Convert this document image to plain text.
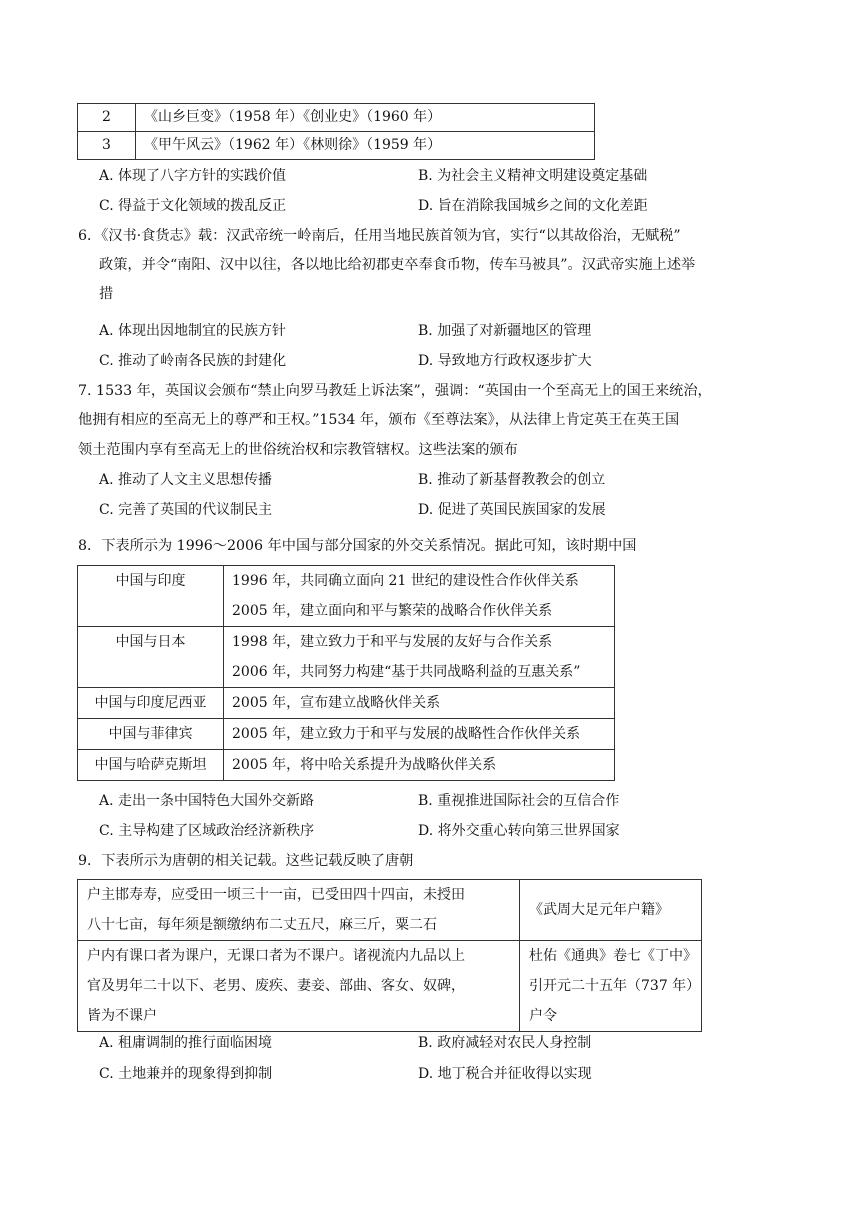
2	《山乡巨变》（1958 年）《创业史》（1960 年）
3	《甲午风云》（1962 年）《林则徐》（1959 年）
A. 体现了八字方针的实践价值	B. 为社会主义精神文明建设奠定基础
C. 得益于文化领域的拨乱反正	D. 旨在消除我国城乡之间的文化差距
6．《汉书·食货志》载：汉武帝统一岭南后，任用当地民族首领为官，实行“以其故俗治，无赋税”
政策，并令“南阳、汉中以往，各以地比给初郡吏卒奉食币物，传车马被具”。汉武帝实施上述举
措
A. 体现出因地制宜的民族方针	B. 加强了对新疆地区的管理
C. 推动了岭南各民族的封建化	D. 导致地方行政权逐步扩大
7. 1533 年，英国议会颁布“禁止向罗马教廷上诉法案”，强调：“英国由一个至高无上的国王来统治，
他拥有相应的至高无上的尊严和王权。”1534 年，颁布《至尊法案》，从法律上肯定英王在英王国
领土范围内享有至高无上的世俗统治权和宗教管辖权。这些法案的颁布
A. 推动了人文主义思想传播	B. 推动了新基督教教会的创立
C. 完善了英国的代议制民主	D. 促进了英国民族国家的发展
8．下表所示为 1996～2006 年中国与部分国家的外交关系情况。据此可知，该时期中国
中国与印度	1996 年，共同确立面向 21 世纪的建设性合作伙伴关系
2005 年，建立面向和平与繁荣的战略合作伙伴关系

中国与日本	1998 年，建立致力于和平与发展的友好与合作关系
2006 年，共同努力构建“基于共同战略利益的互惠关系”

中国与印度尼西亚	2005 年，宣布建立战略伙伴关系

中国与菲律宾	2005 年，建立致力于和平与发展的战略性合作伙伴关系

中国与哈萨克斯坦	2005 年，将中哈关系提升为战略伙伴关系
A. 走出一条中国特色大国外交新路	B. 重视推进国际社会的互信合作
C. 主导构建了区域政治经济新秩序	D. 将外交重心转向第三世界国家
9．下表所示为唐朝的相关记载。这些记载反映了唐朝
户主邯寿寿，应受田一顷三十一亩，已受田四十四亩，未授田
八十七亩，每年须是额缴纳布二丈五尺，麻三斤，粟二石	《武周大足元年户籍》

户内有课口者为课户，无课口者为不课户。诸视流内九品以上
官及男年二十以下、老男、废疾、妻妾、部曲、客女、奴碑，
皆为不课户	杜佑《通典》卷七《丁中》
引开元二十五年（737 年）
户令
A. 租庸调制的推行面临困境	B. 政府减轻对农民人身控制
C. 土地兼并的现象得到抑制	D. 地丁税合并征收得以实现
